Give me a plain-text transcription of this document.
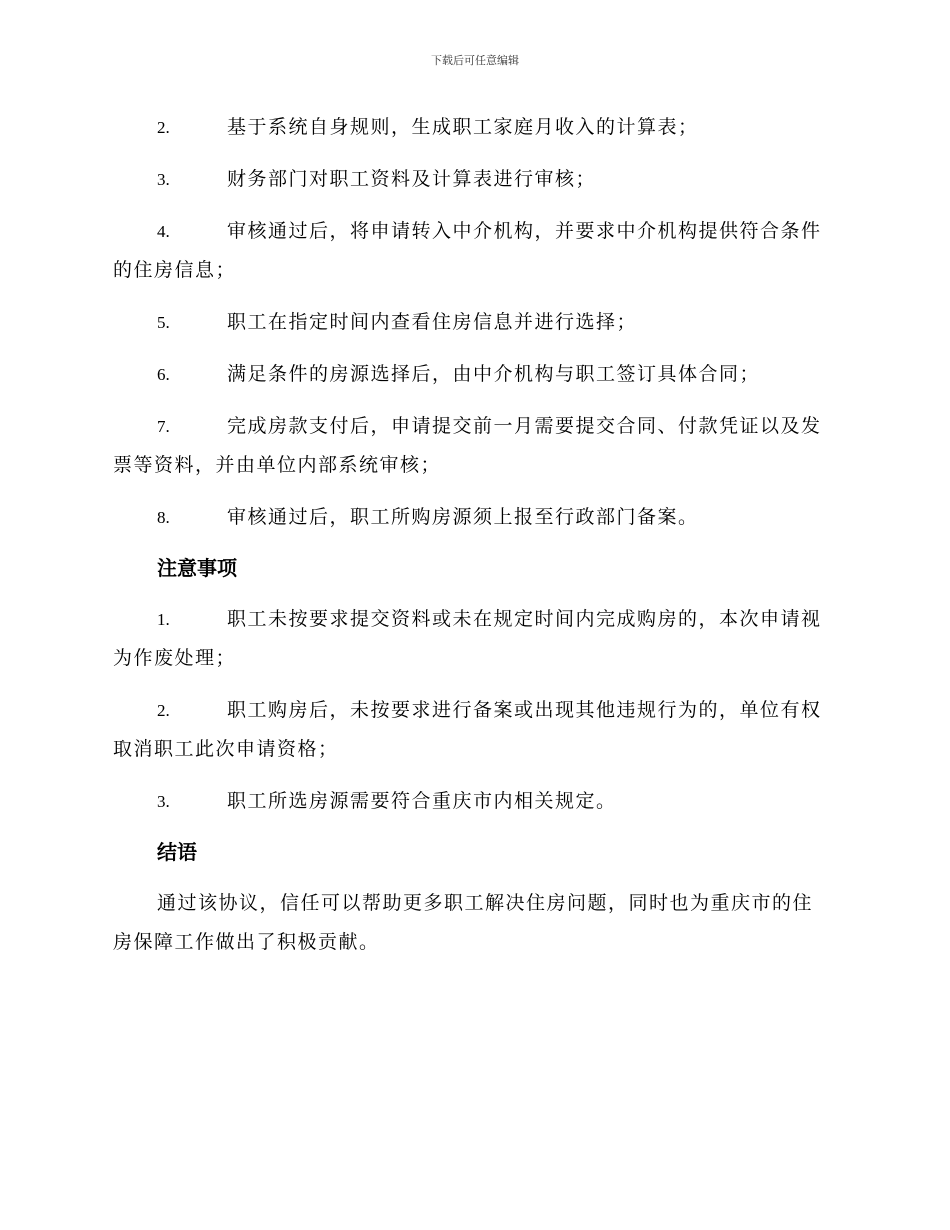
下载后可任意编辑
2.	基于系统自身规则，生成职工家庭月收入的计算表；
3.	财务部门对职工资料及计算表进行审核；
4.	审核通过后，将申请转入中介机构，并要求中介机构提供符合条件的住房信息；
5.	职工在指定时间内查看住房信息并进行选择；
6.	满足条件的房源选择后，由中介机构与职工签订具体合同；
7.	完成房款支付后，申请提交前一月需要提交合同、付款凭证以及发票等资料，并由单位内部系统审核；
8.	审核通过后，职工所购房源须上报至行政部门备案。
注意事项
1.	职工未按要求提交资料或未在规定时间内完成购房的，本次申请视为作废处理；
2.	职工购房后，未按要求进行备案或出现其他违规行为的，单位有权取消职工此次申请资格；
3.	职工所选房源需要符合重庆市内相关规定。
结语

通过该协议，信任可以帮助更多职工解决住房问题，同时也为重庆市的住房保障工作做出了积极贡献。
